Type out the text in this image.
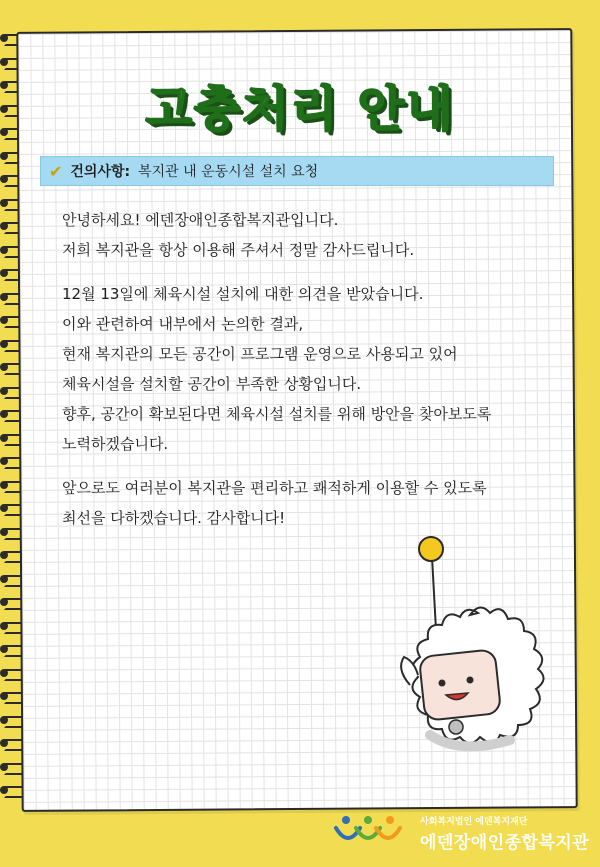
고충처리 안내
✔ 건의사항: 복지관 내 운동시설 설치 요청
안녕하세요! 에덴장애인종합복지관입니다.
저희 복지관을 항상 이용해 주셔서 정말 감사드립니다.
12월 13일에 체육시설 설치에 대한 의견을 받았습니다.
이와 관련하여 내부에서 논의한 결과,
현재 복지관의 모든 공간이 프로그램 운영으로 사용되고 있어
체육시설을 설치할 공간이 부족한 상황입니다.
향후, 공간이 확보된다면 체육시설 설치를 위해 방안을 찾아보도록
노력하겠습니다.
앞으로도 여러분이 복지관을 편리하고 쾌적하게 이용할 수 있도록
최선을 다하겠습니다. 감사합니다!
사회복지법인 에덴복지재단
에덴장애인종합복지관
